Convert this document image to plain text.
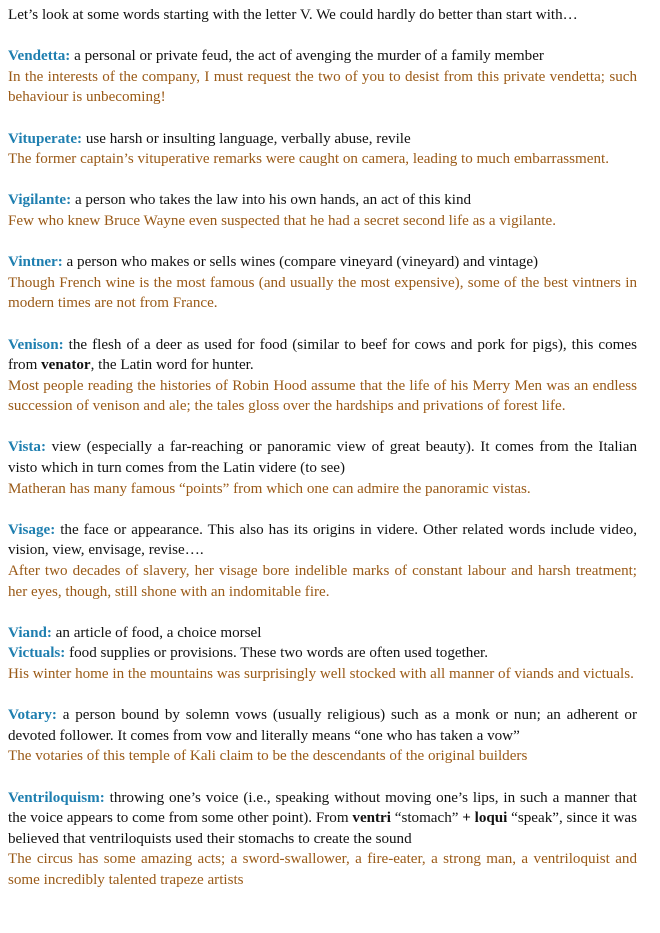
Let’s look at some words starting with the letter V. We could hardly do better than start with…

Vendetta: a personal or private feud, the act of avenging the murder of a family member

In the interests of the company, I must request the two of you to desist from this private vendetta; such behaviour is unbecoming!

Vituperate: use harsh or insulting language, verbally abuse, revile

The former captain’s vituperative remarks were caught on camera, leading to much embarrassment.

Vigilante: a person who takes the law into his own hands, an act of this kind

Few who knew Bruce Wayne even suspected that he had a secret second life as a vigilante.

Vintner: a person who makes or sells wines (compare vineyard (vineyard) and vintage)

Though French wine is the most famous (and usually the most expensive), some of the best vintners in modern times are not from France.

Venison: the flesh of a deer as used for food (similar to beef for cows and pork for pigs), this comes from venator, the Latin word for hunter.

Most people reading the histories of Robin Hood assume that the life of his Merry Men was an endless succession of venison and ale; the tales gloss over the hardships and privations of forest life.

Vista: view (especially a far-reaching or panoramic view of great beauty). It comes from the Italian visto which in turn comes from the Latin videre (to see)

Matheran has many famous “points” from which one can admire the panoramic vistas.

Visage: the face or appearance. This also has its origins in videre. Other related words include video, vision, view, envisage, revise….

After two decades of slavery, her visage bore indelible marks of constant labour and harsh treatment; her eyes, though, still shone with an indomitable fire.

Viand: an article of food, a choice morsel

Victuals: food supplies or provisions. These two words are often used together.

His winter home in the mountains was surprisingly well stocked with all manner of viands and victuals.

Votary: a person bound by solemn vows (usually religious) such as a monk or nun; an adherent or devoted follower. It comes from vow and literally means “one who has taken a vow”

The votaries of this temple of Kali claim to be the descendants of the original builders

Ventriloquism: throwing one’s voice (i.e., speaking without moving one’s lips, in such a manner that the voice appears to come from some other point). From ventri “stomach” + loqui “speak”, since it was believed that ventriloquists used their stomachs to create the sound

The circus has some amazing acts; a sword-swallower, a fire-eater, a strong man, a ventriloquist and some incredibly talented trapeze artists
